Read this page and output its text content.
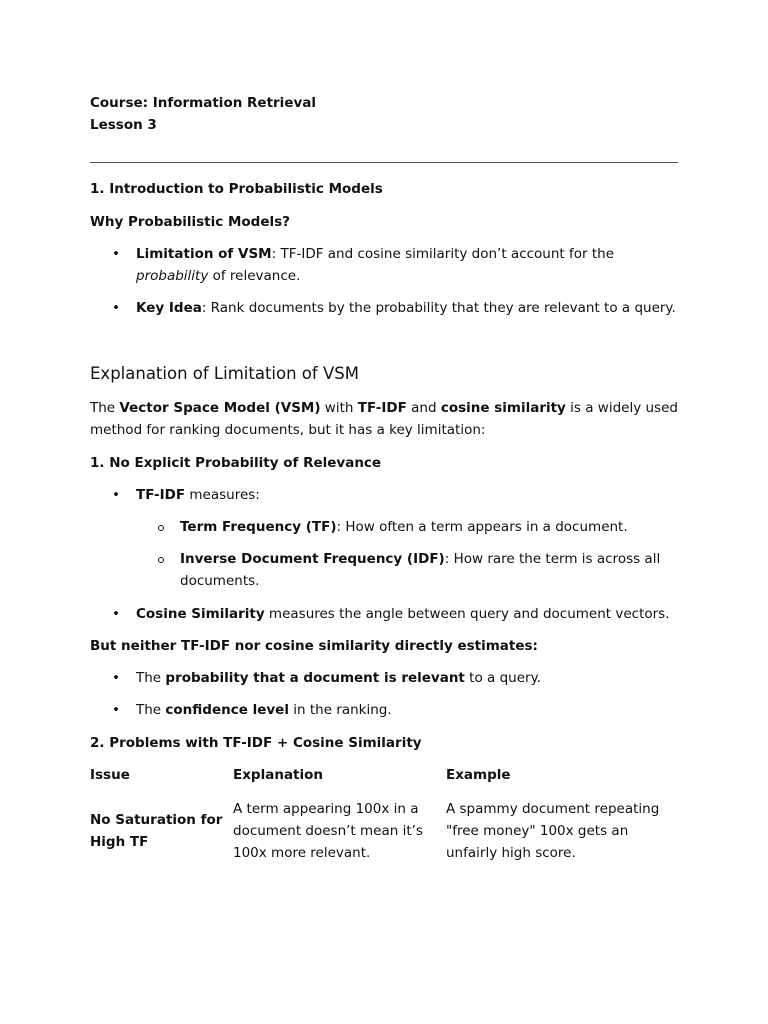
Course: Information Retrieval

Lesson 3

1. Introduction to Probabilistic Models

Why Probabilistic Models?

•	Limitation of VSM: TF-IDF and cosine similarity don’t account for the probability of relevance.
•	Key Idea: Rank documents by the probability that they are relevant to a query.
Explanation of Limitation of VSM

The Vector Space Model (VSM) with TF-IDF and cosine similarity is a widely used method for ranking documents, but it has a key limitation:

1. No Explicit Probability of Relevance

•	TF-IDF measures:
Term Frequency (TF): How often a term appears in a document.
Inverse Document Frequency (IDF): How rare the term is across all documents.
•	Cosine Similarity measures the angle between query and document vectors.

But neither TF-IDF nor cosine similarity directly estimates:

•	The probability that a document is relevant to a query.
•	The confidence level in the ranking.

2. Problems with TF-IDF + Cosine Similarity

Issue	Explanation	Example

No Saturation for High TF	A term appearing 100x in a document doesn’t mean it’s 100x more relevant.	A spammy document repeating "free money" 100x gets an unfairly high score.
